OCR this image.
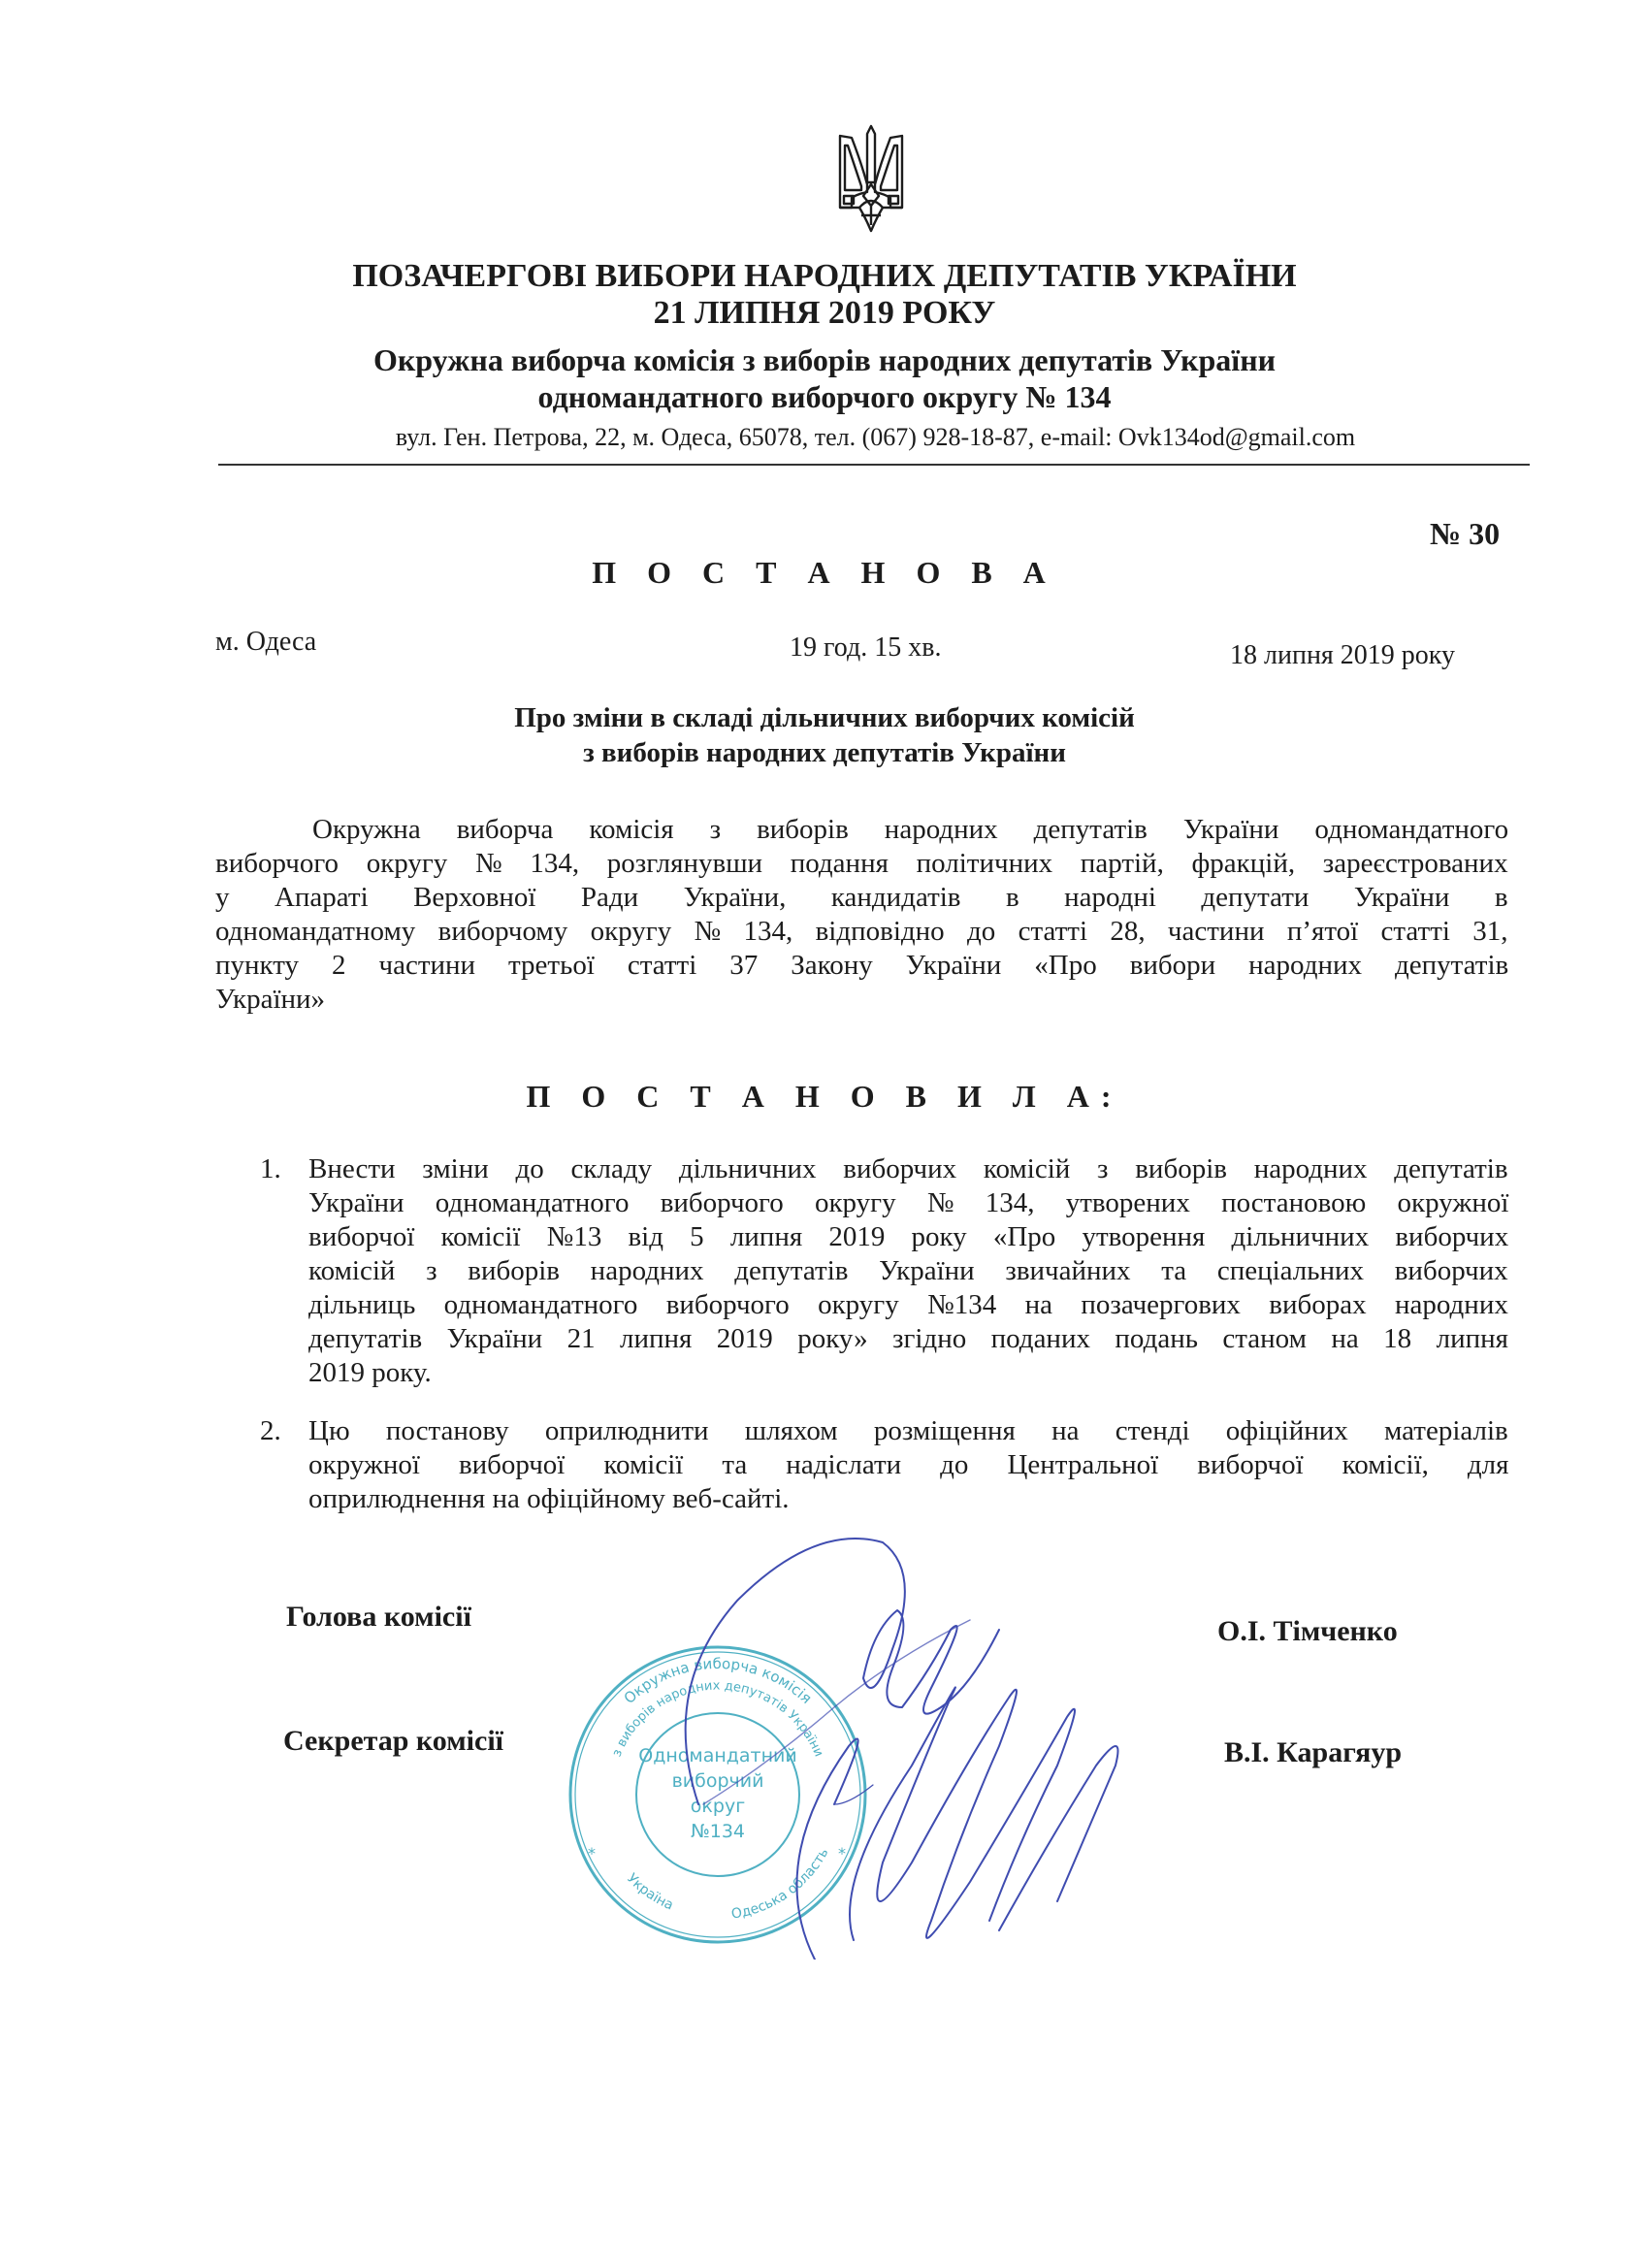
ПОЗАЧЕРГОВІ ВИБОРИ НАРОДНИХ ДЕПУТАТІВ УКРАЇНИ
21 ЛИПНЯ 2019 РОКУ
Окружна виборча комісія з виборів народних депутатів України
одномандатного виборчого округу № 134
вул. Ген. Петрова, 22, м. Одеса, 65078, тел. (067) 928-18-87, e-mail: Ovk134od@gmail.com
№ 30
П О С Т А Н О В А
м. Одеса	19 год. 15 хв.	18 липня 2019 року
Про зміни в складі дільничних виборчих комісій
з виборів народних депутатів України
Окружна виборча комісія з виборів народних депутатів України одномандатного
виборчого округу № 134, розглянувши подання політичних партій, фракцій, зареєстрованих
у Апараті Верховної Ради України, кандидатів в народні депутати України в
одномандатному виборчому округу № 134, відповідно до статті 28, частини п’ятої статті 31,
пункту 2 частини третьої статті 37 Закону України «Про вибори народних депутатів
України»
П О С Т А Н О В И Л А:
1. Внести зміни до складу дільничних виборчих комісій з виборів народних депутатів
України одномандатного виборчого округу № 134, утворених постановою окружної
виборчої комісії №13 від 5 липня 2019 року «Про утворення дільничних виборчих
комісій з виборів народних депутатів України звичайних та спеціальних виборчих
дільниць одномандатного виборчого округу №134 на позачергових виборах народних
депутатів України 21 липня 2019 року» згідно поданих подань станом на 18 липня
2019 року.
2. Цю постанову оприлюднити шляхом розміщення на стенді офіційних матеріалів
окружної виборчої комісії та надіслати до Центральної виборчої комісії, для
оприлюднення на офіційному веб-сайті.
Окружна виборча комісія
з виборів народних депутатів України
Україна
Одеська область
*	*
Одномандатний
виборчий
округ
№134
Голова комісії	О.І. Тімченко
Секретар комісії	В.І. Карагяур
